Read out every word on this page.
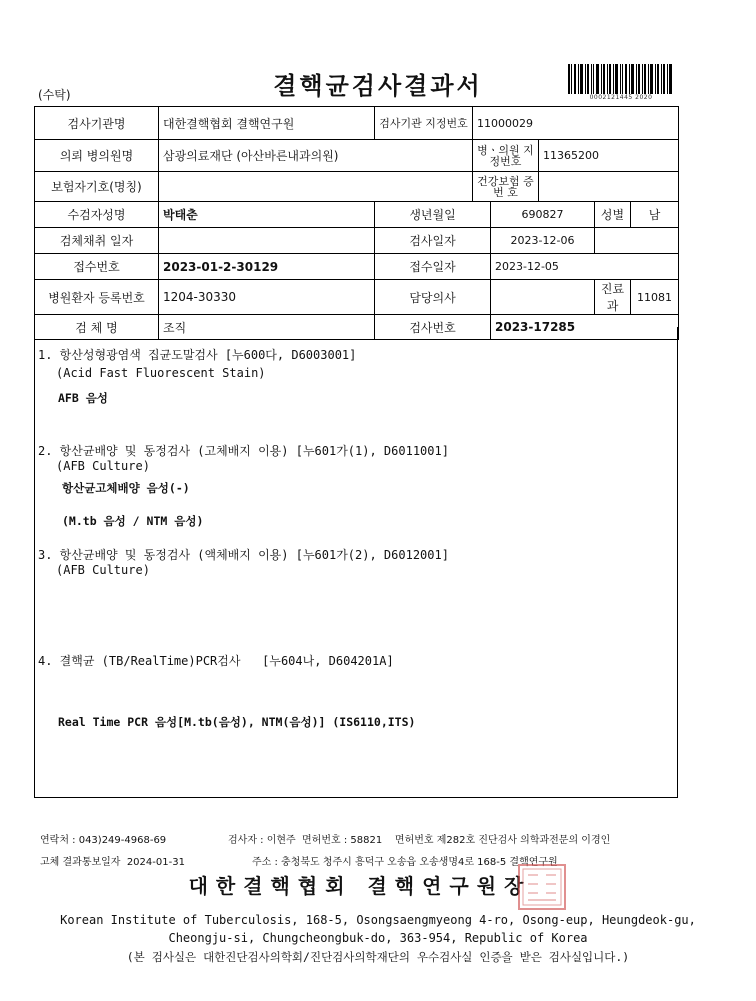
(수탁)	결핵균검사결과서	0002121445 2020
검사기관명	대한결핵협회 결핵연구원	검사기관 지정번호	11000029				
의뢰 병의원명	삼광의료재단 (아산바른내과의원)		병ㆍ의원 지정번호		11365200		
보험자기호(명칭)			건강보험 증 번 호				
수검자성명	박태춘	생년월일		690827		성별	남
검체채취 일자		검사일자		2023-12-06			
접수번호	2023-01-2-30129	접수일자		2023-12-05			
병원환자 등록번호	1204-30330	담당의사				진료과	11081
검 체 명	조직	검사번호		2023-17285			
1. 항산성형광염색 집균도말검사 [누600다, D6003001]
(Acid Fast Fluorescent Stain)
AFB 음성
2. 항산균배양 및 동정검사 (고체배지 이용) [누601가(1), D6011001]
(AFB Culture)
항산균고체배양 음성(-)
(M.tb 음성 / NTM 음성)
3. 항산균배양 및 동정검사 (액체배지 이용) [누601가(2), D6012001]
(AFB Culture)
4. 결핵균 (TB/RealTime)PCR검사   [누604나, D604201A]
Real Time PCR 음성[M.tb(음성), NTM(음성)] (IS6110,ITS)
연락처 : 043)249-4968-69	검사자 : 이현주  면허번호 : 58821    면허번호 제282호 진단검사 의학과전문의 이경인
고체 결과통보일자  2024-01-31	주소 : 충청북도 청주시 흥덕구 오송읍 오송생명4로 168-5 결핵연구원
대한결핵협회 결핵연구원장
Korean Institute of Tuberculosis, 168-5, Osongsaengmyeong 4-ro, Osong-eup, Heungdeok-gu,
Cheongju-si, Chungcheongbuk-do, 363-954, Republic of Korea
(본 검사실은 대한진단검사의학회/진단검사의학재단의 우수검사실 인증을 받은 검사실입니다.)
